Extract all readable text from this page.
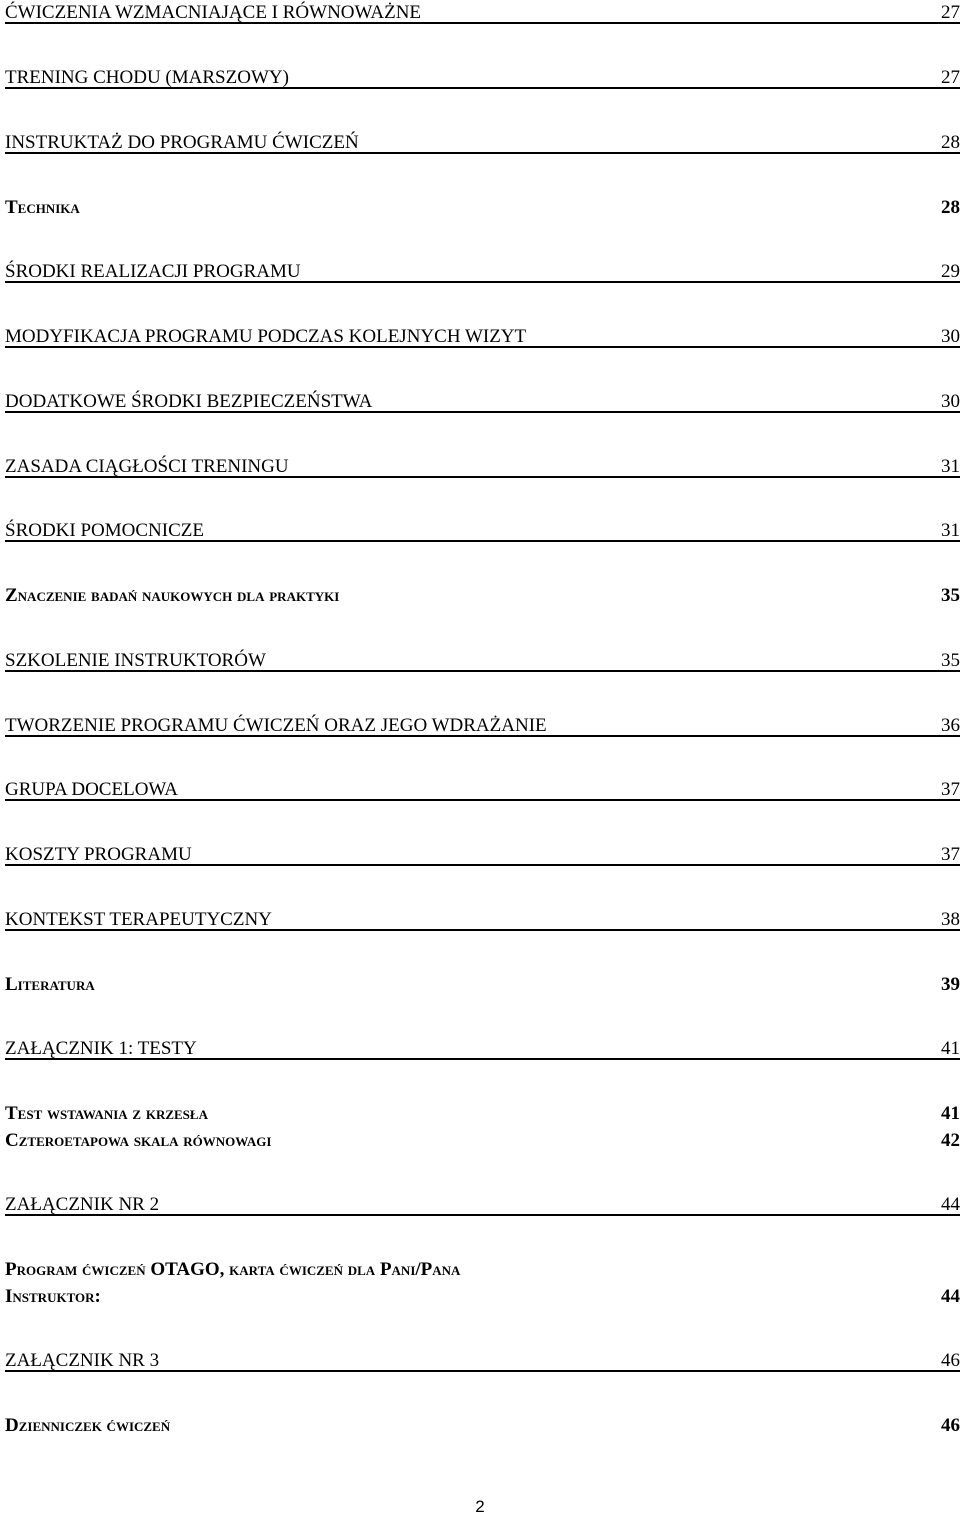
ĆWICZENIA WZMACNIAJĄCE I RÓWNOWAŻNE	27
TRENING CHODU (MARSZOWY)	27
INSTRUKTAŻ DO PROGRAMU ĆWICZEŃ	28
Technika	28
ŚRODKI REALIZACJI PROGRAMU	29
MODYFIKACJA PROGRAMU PODCZAS KOLEJNYCH WIZYT	30
DODATKOWE ŚRODKI BEZPIECZEŃSTWA	30
ZASADA CIĄGŁOŚCI TRENINGU	31
ŚRODKI POMOCNICZE	31
Znaczenie badań naukowych dla praktyki	35
SZKOLENIE INSTRUKTORÓW	35
TWORZENIE PROGRAMU ĆWICZEŃ ORAZ JEGO WDRAŻANIE	36
GRUPA DOCELOWA	37
KOSZTY PROGRAMU	37
KONTEKST TERAPEUTYCZNY	38
Literatura	39
ZAŁĄCZNIK 1: TESTY	41
Test wstawania z krzesła	41
Czteroetapowa skala równowagi	42
ZAŁĄCZNIK NR 2	44
Program ćwiczeń OTAGO, karta ćwiczeń dla Pani/Pana
Instruktor:	44
ZAŁĄCZNIK NR 3	46
Dzienniczek ćwiczeń	46
2
